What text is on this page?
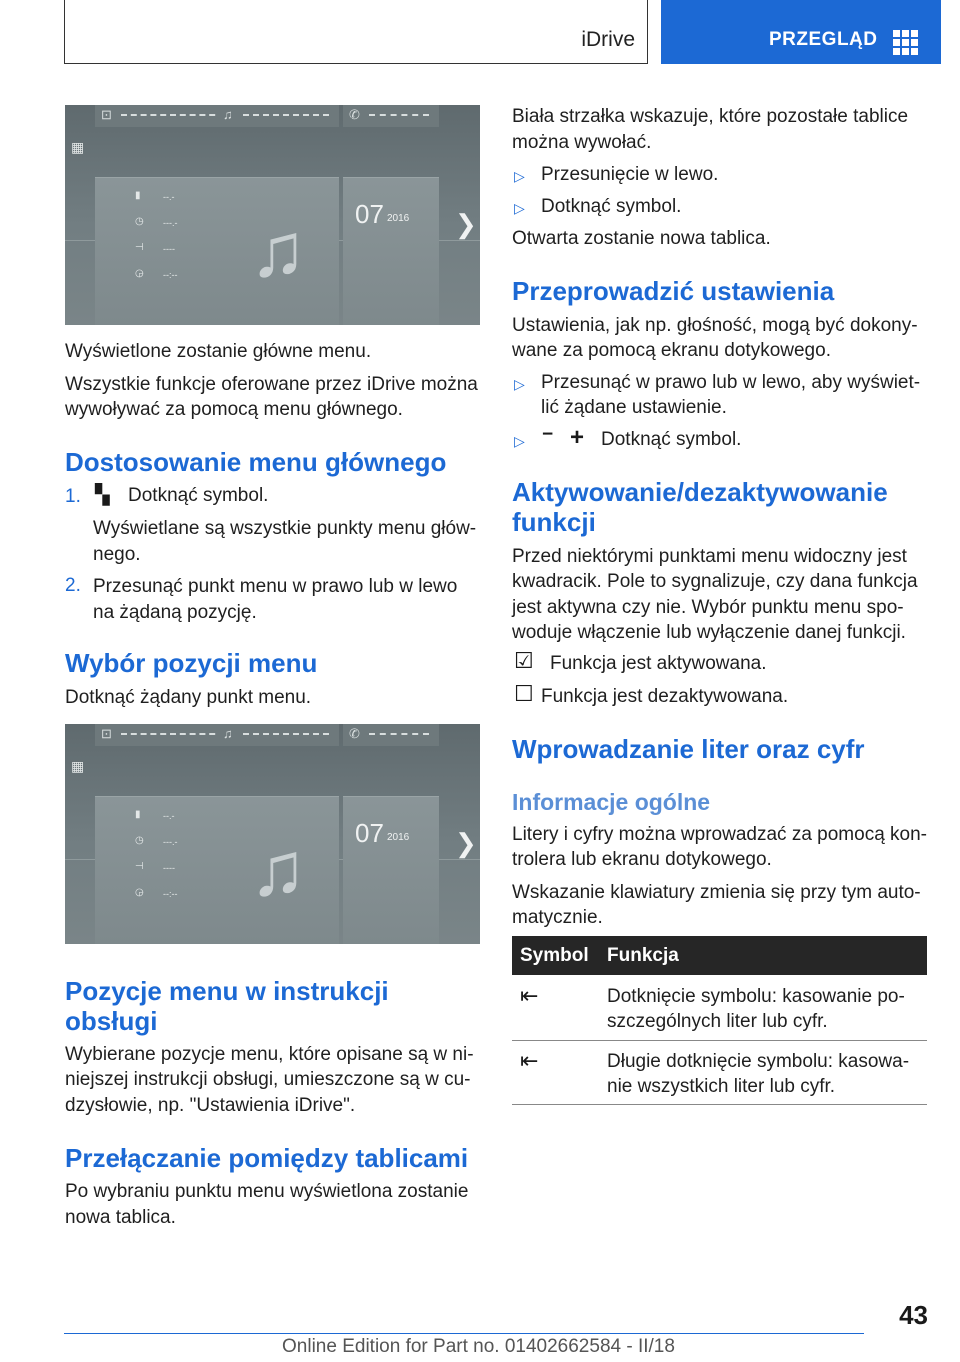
iDrive	PRZEGLĄD
▦
⊡	♫	✆
▮ --.-
◷ ---.-
⊣ ----
◶ --:-- ♫	07 2016 ❯
Wyświetlone zostanie główne menu.
Wszystkie funkcje oferowane przez iDrive można
wywoływać za pomocą menu głównego.
Dostosowanie menu głównego
1. ▚ Dotknąć symbol.
Wyświetlane są wszystkie punkty menu głów-
nego.
2. Przesunąć punkt menu w prawo lub w lewo
na żądaną pozycję.
Wybór pozycji menu
Dotknąć żądany punkt menu.
▦
⊡	♫	✆
▮ --.-
◷ ---.-
⊣ ----
◶ --:-- ♫	07 2016 ❯
Pozycje menu w instrukcji
obsługi
Wybierane pozycje menu, które opisane są w ni-
niejszej instrukcji obsługi, umieszczone są w cu-
dzysłowie, np. "Ustawienia iDrive".
Przełączanie pomiędzy tablicami
Po wybraniu punktu menu wyświetlona zostanie
nowa tablica.
Biała strzałka wskazuje, które pozostałe tablice
można wywołać.
▷ Przesunięcie w lewo.
▷ Dotknąć symbol.
Otwarta zostanie nowa tablica.
Przeprowadzić ustawienia
Ustawienia, jak np. głośność, mogą być dokony-
wane za pomocą ekranu dotykowego.
▷ Przesunąć w prawo lub w lewo, aby wyświet-
lić żądane ustawienie.
▷ − + Dotknąć symbol.
Aktywowanie/dezaktywowanie
funkcji
Przed niektórymi punktami menu widoczny jest
kwadracik. Pole to sygnalizuje, czy dana funkcja
jest aktywna czy nie. Wybór punktu menu spo-
woduje włączenie lub wyłączenie danej funkcji.
☑ Funkcja jest aktywowana.
☐ Funkcja jest dezaktywowana.
Wprowadzanie liter oraz cyfr
Informacje ogólne
Litery i cyfry można wprowadzać za pomocą kon-
trolera lub ekranu dotykowego.
Wskazanie klawiatury zmienia się przy tym auto-
matycznie.
Symbol Funkcja
⇤	Dotknięcie symbolu: kasowanie po-
szczególnych liter lub cyfr.
⇤	Długie dotknięcie symbolu: kasowa-
nie wszystkich liter lub cyfr.
43
Online Edition for Part no. 01402662584 - II/18
